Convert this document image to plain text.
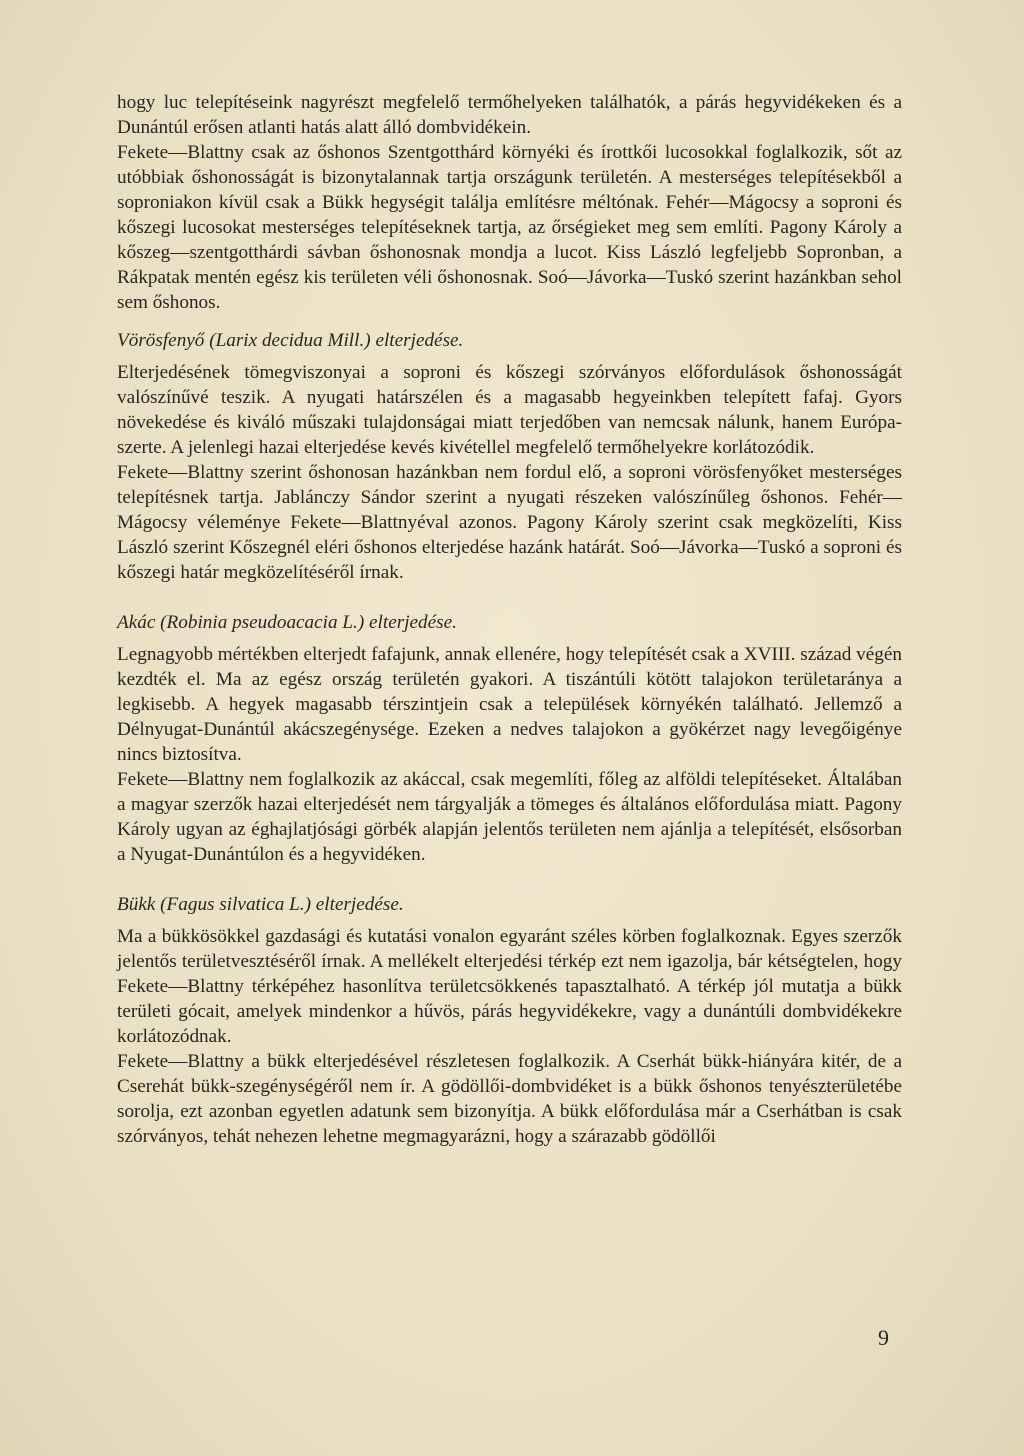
hogy luc telepítéseink nagyrészt megfelelő termőhelyeken találhatók, a párás hegyvidékeken és a Dunántúl erősen atlanti hatás alatt álló dombvidékein.

Fekete—Blattny csak az őshonos Szentgotthárd környéki és írottkői lucosokkal foglalkozik, sőt az utóbbiak őshonosságát is bizonytalannak tartja országunk területén. A mesterséges telepítésekből a soproniakon kívül csak a Bükk hegységit találja említésre méltónak. Fehér—Mágocsy a soproni és kőszegi lucosokat mesterséges telepítéseknek tartja, az őrségieket meg sem említi. Pagony Károly a kőszeg—szentgotthárdi sávban őshonosnak mondja a lucot. Kiss László legfeljebb Sopronban, a Rákpatak mentén egész kis területen véli őshonosnak. Soó—Jávorka—Tuskó szerint hazánkban sehol sem őshonos.

Vörösfenyő (Larix decidua Mill.) elterjedése.

Elterjedésének tömegviszonyai a soproni és kőszegi szórványos előfordulások őshonosságát valószínűvé teszik. A nyugati határszélen és a magasabb hegyeinkben telepített fafaj. Gyors növekedése és kiváló műszaki tulajdonságai miatt terjedőben van nemcsak nálunk, hanem Európa-szerte. A jelenlegi hazai elterjedése kevés kivétellel megfelelő termőhelyekre korlátozódik.

Fekete—Blattny szerint őshonosan hazánkban nem fordul elő, a soproni vörösfenyőket mesterséges telepítésnek tartja. Jablánczy Sándor szerint a nyugati részeken valószínűleg őshonos. Fehér—Mágocsy véleménye Fekete—Blattnyéval azonos. Pagony Károly szerint csak megközelíti, Kiss László szerint Kőszegnél eléri őshonos elterjedése hazánk határát. Soó—Jávorka—Tuskó a soproni és kőszegi határ megközelítéséről írnak.

Akác (Robinia pseudoacacia L.) elterjedése.

Legnagyobb mértékben elterjedt fafajunk, annak ellenére, hogy telepítését csak a XVIII. század végén kezdték el. Ma az egész ország területén gyakori. A tiszántúli kötött talajokon területaránya a legkisebb. A hegyek magasabb térszintjein csak a települések környékén található. Jellemző a Délnyugat-Dunántúl akácszegénysége. Ezeken a nedves talajokon a gyökérzet nagy levegőigénye nincs biztosítva.

Fekete—Blattny nem foglalkozik az akáccal, csak megemlíti, főleg az alföldi telepítéseket. Általában a magyar szerzők hazai elterjedését nem tárgyalják a tömeges és általános előfordulása miatt. Pagony Károly ugyan az éghajlatjósági görbék alapján jelentős területen nem ajánlja a telepítését, elsősorban a Nyugat-Dunántúlon és a hegyvidéken.

Bükk (Fagus silvatica L.) elterjedése.

Ma a bükkösökkel gazdasági és kutatási vonalon egyaránt széles körben foglalkoznak. Egyes szerzők jelentős területvesztéséről írnak. A mellékelt elterjedési térkép ezt nem igazolja, bár kétségtelen, hogy Fekete—Blattny térképéhez hasonlítva területcsökkenés tapasztalható. A térkép jól mutatja a bükk területi gócait, amelyek mindenkor a hűvös, párás hegyvidékekre, vagy a dunántúli dombvidékekre korlátozódnak.

Fekete—Blattny a bükk elterjedésével részletesen foglalkozik. A Cserhát bükk-hiányára kitér, de a Cserehát bükk-szegénységéről nem ír. A gödöllői-dombvidéket is a bükk őshonos tenyészterületébe sorolja, ezt azonban egyetlen adatunk sem bizonyítja. A bükk előfordulása már a Cserhátban is csak szórványos, tehát nehezen lehetne megmagyarázni, hogy a szárazabb gödöllői

9
